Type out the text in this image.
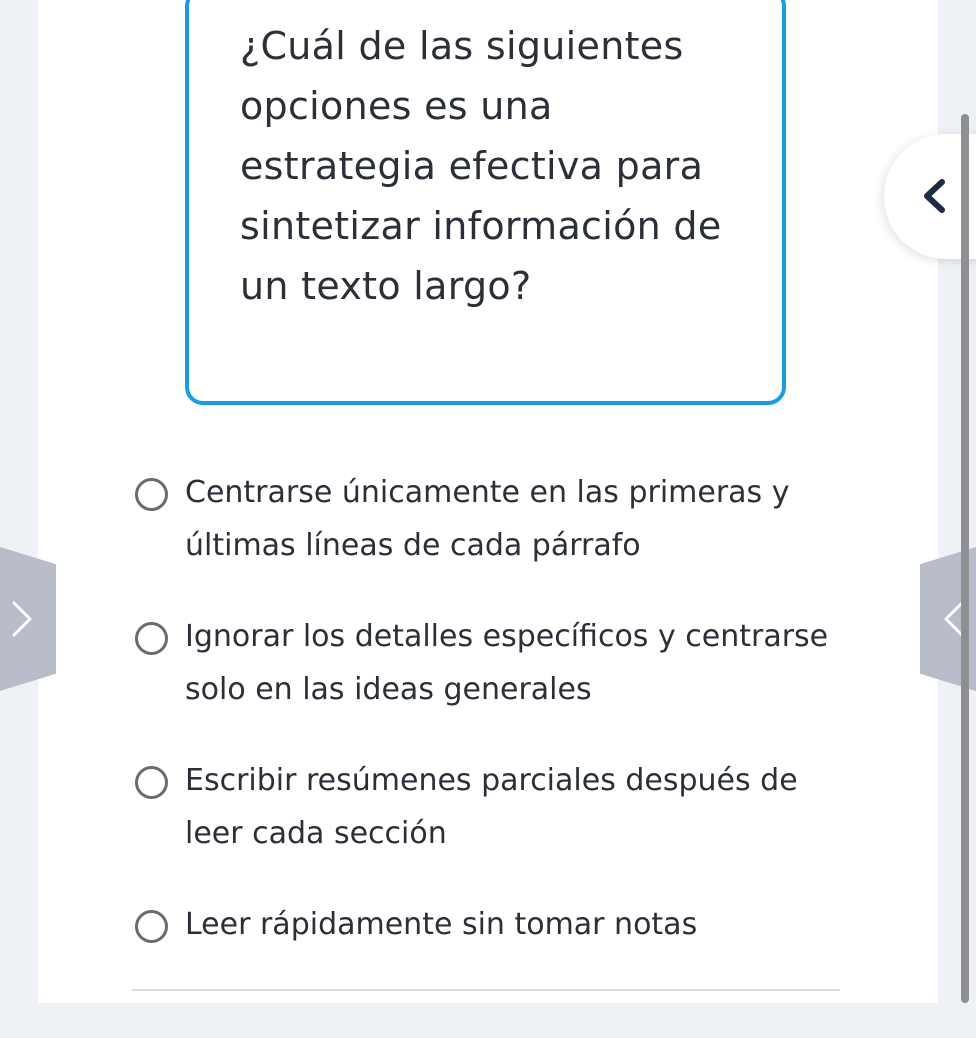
¿Cuál de las siguientes opciones es una estrategia efectiva para sintetizar información de un texto largo?
Centrarse únicamente en las primeras y últimas líneas de cada párrafo
Ignorar los detalles específicos y centrarse solo en las ideas generales
Escribir resúmenes parciales después de leer cada sección
Leer rápidamente sin tomar notas
